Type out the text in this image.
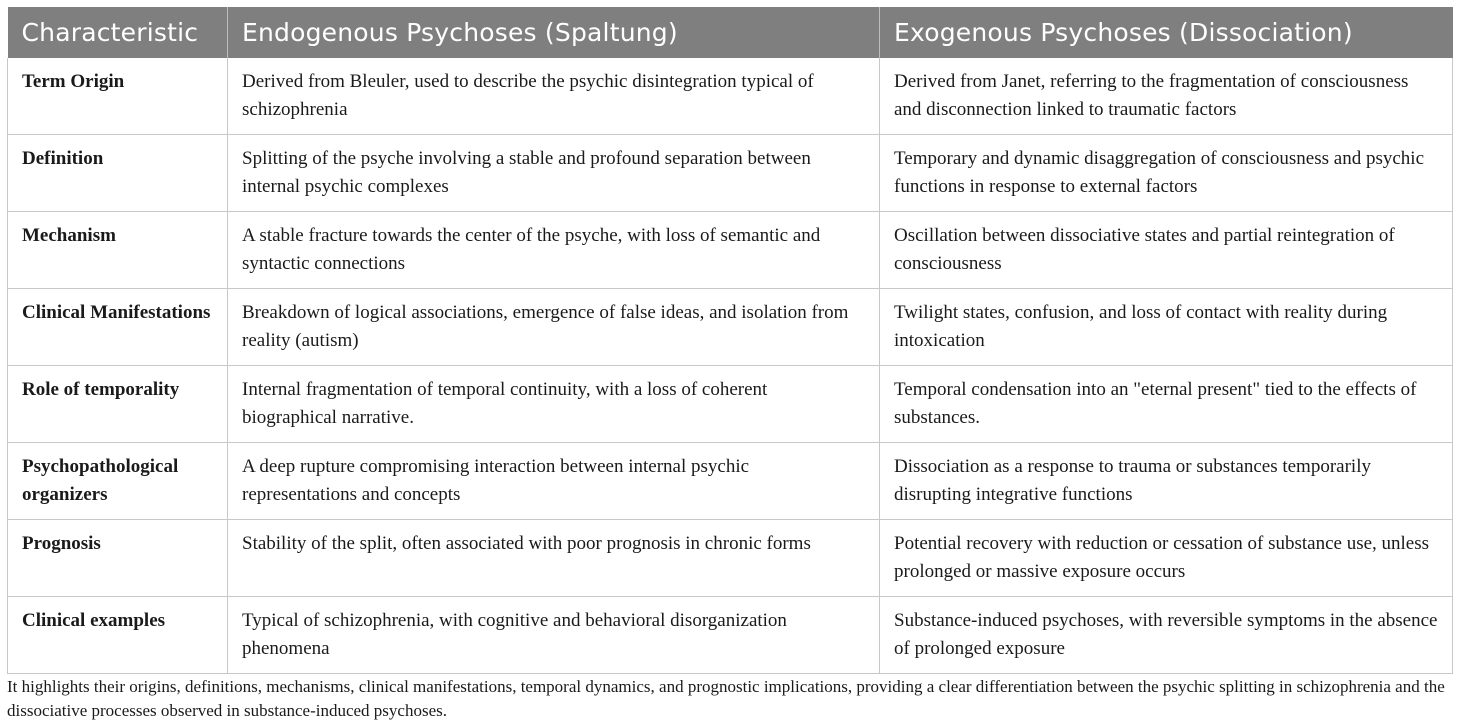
Characteristic	Endogenous Psychoses (Spaltung)	Exogenous Psychoses (Dissociation)
Term Origin	Derived from Bleuler, used to describe the psychic disintegration typical of schizophrenia	Derived from Janet, referring to the fragmentation of consciousness and disconnection linked to traumatic factors
Definition	Splitting of the psyche involving a stable and profound separation between internal psychic complexes	Temporary and dynamic disaggregation of consciousness and psychic functions in response to external factors
Mechanism	A stable fracture towards the center of the psyche, with loss of semantic and syntactic connections	Oscillation between dissociative states and partial reintegration of consciousness
Clinical Manifestations	Breakdown of logical associations, emergence of false ideas, and isolation from reality (autism)	Twilight states, confusion, and loss of contact with reality during intoxication
Role of temporality	Internal fragmentation of temporal continuity, with a loss of coherent biographical narrative.	Temporal condensation into an "eternal present" tied to the effects of substances.
Psychopathological organizers	A deep rupture compromising interaction between internal psychic representations and concepts	Dissociation as a response to trauma or substances temporarily disrupting integrative functions
Prognosis	Stability of the split, often associated with poor prognosis in chronic forms	Potential recovery with reduction or cessation of substance use, unless prolonged or massive exposure occurs
Clinical examples	Typical of schizophrenia, with cognitive and behavioral disorganization phenomena	Substance-induced psychoses, with reversible symptoms in the absence of prolonged exposure
It highlights their origins, definitions, mechanisms, clinical manifestations, temporal dynamics, and prognostic implications, providing a clear differentiation between the psychic splitting in schizophrenia and the dissociative processes observed in substance-induced psychoses.
